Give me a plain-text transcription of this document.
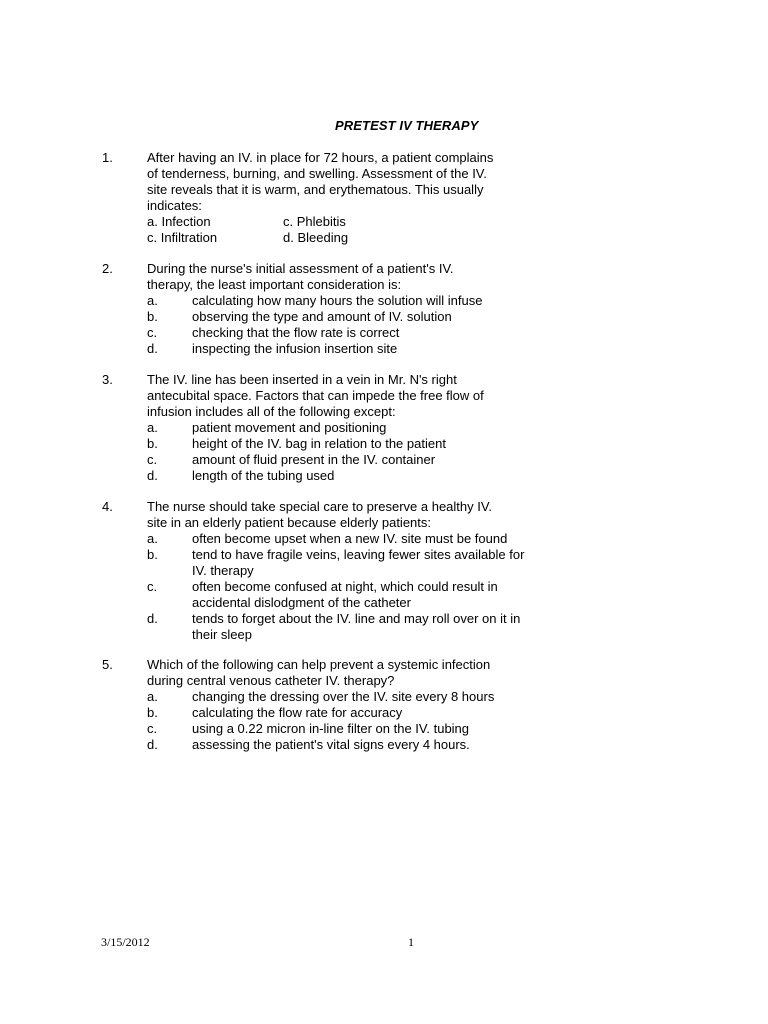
PRETEST IV THERAPY
1.	After having an IV. in place for 72 hours, a patient complains
of tenderness, burning, and swelling. Assessment of the IV.
site reveals that it is warm, and erythematous. This usually
indicates:
a. Infection	c. Phlebitis
c. Infiltration	d. Bleeding
2.	During the nurse's initial assessment of a patient's IV.
therapy, the least important consideration is:
a.	calculating how many hours the solution will infuse
b.	observing the type and amount of IV. solution
c.	checking that the flow rate is correct
d.	inspecting the infusion insertion site
3.	The IV. line has been inserted in a vein in Mr. N's right
antecubital space. Factors that can impede the free flow of
infusion includes all of the following except:
a.	patient movement and positioning
b.	height of the IV. bag in relation to the patient
c.	amount of fluid present in the IV. container
d.	length of the tubing used
4.	The nurse should take special care to preserve a healthy IV.
site in an elderly patient because elderly patients:
a.	often become upset when a new IV. site must be found
b.	tend to have fragile veins, leaving fewer sites available for
IV. therapy
c.	often become confused at night, which could result in
accidental dislodgment of the catheter
d.	tends to forget about the IV. line and may roll over on it in
their sleep
5.	Which of the following can help prevent a systemic infection
during central venous catheter IV. therapy?
a.	changing the dressing over the IV. site every 8 hours
b.	calculating the flow rate for accuracy
c.	using a 0.22 micron in-line filter on the IV. tubing
d.	assessing the patient's vital signs every 4 hours.
3/15/2012	1
